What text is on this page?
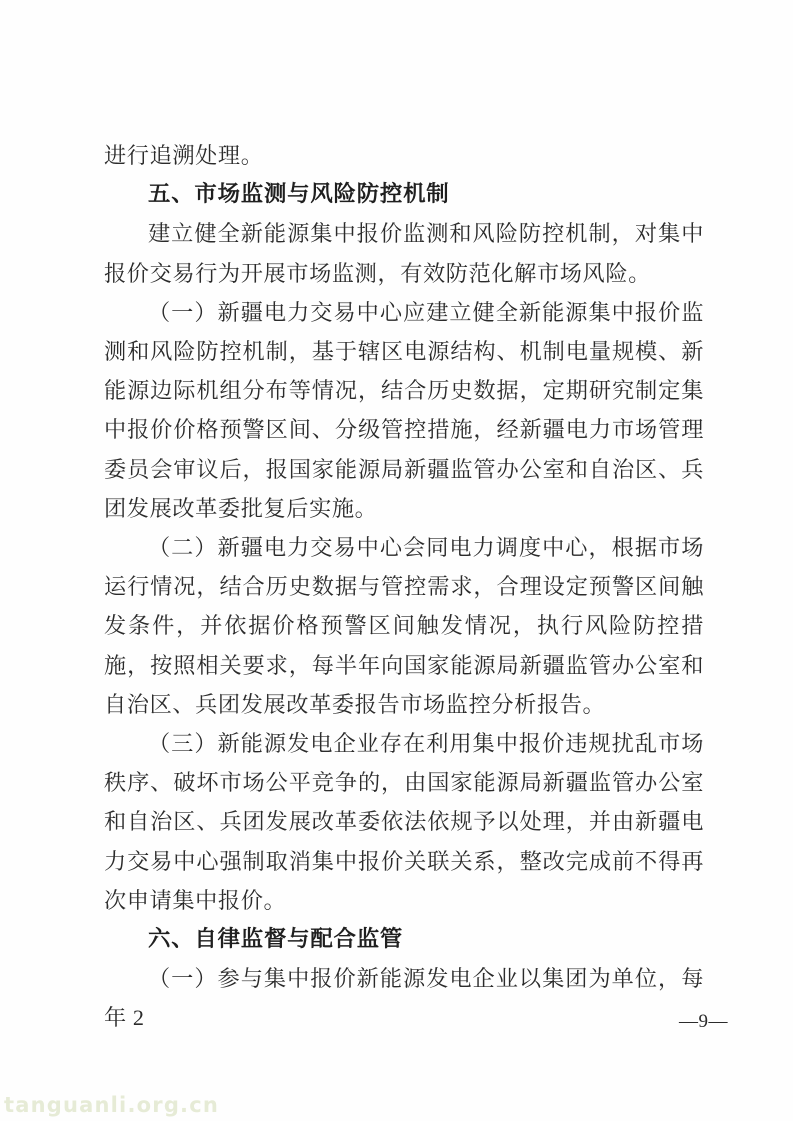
进行追溯处理。

五、市场监测与风险防控机制

建立健全新能源集中报价监测和风险防控机制，对集中报价交易行为开展市场监测，有效防范化解市场风险。

（一）新疆电力交易中心应建立健全新能源集中报价监测和风险防控机制，基于辖区电源结构、机制电量规模、新能源边际机组分布等情况，结合历史数据，定期研究制定集中报价价格预警区间、分级管控措施，经新疆电力市场管理委员会审议后，报国家能源局新疆监管办公室和自治区、兵团发展改革委批复后实施。

（二）新疆电力交易中心会同电力调度中心，根据市场运行情况，结合历史数据与管控需求，合理设定预警区间触发条件，并依据价格预警区间触发情况，执行风险防控措施，按照相关要求，每半年向国家能源局新疆监管办公室和自治区、兵团发展改革委报告市场监控分析报告。

（三）新能源发电企业存在利用集中报价违规扰乱市场秩序、破坏市场公平竞争的，由国家能源局新疆监管办公室和自治区、兵团发展改革委依法依规予以处理，并由新疆电力交易中心强制取消集中报价关联关系，整改完成前不得再次申请集中报价。

六、自律监督与配合监管

（一）参与集中报价新能源发电企业以集团为单位，每年 2	—9—
tanguanli.org.cn
